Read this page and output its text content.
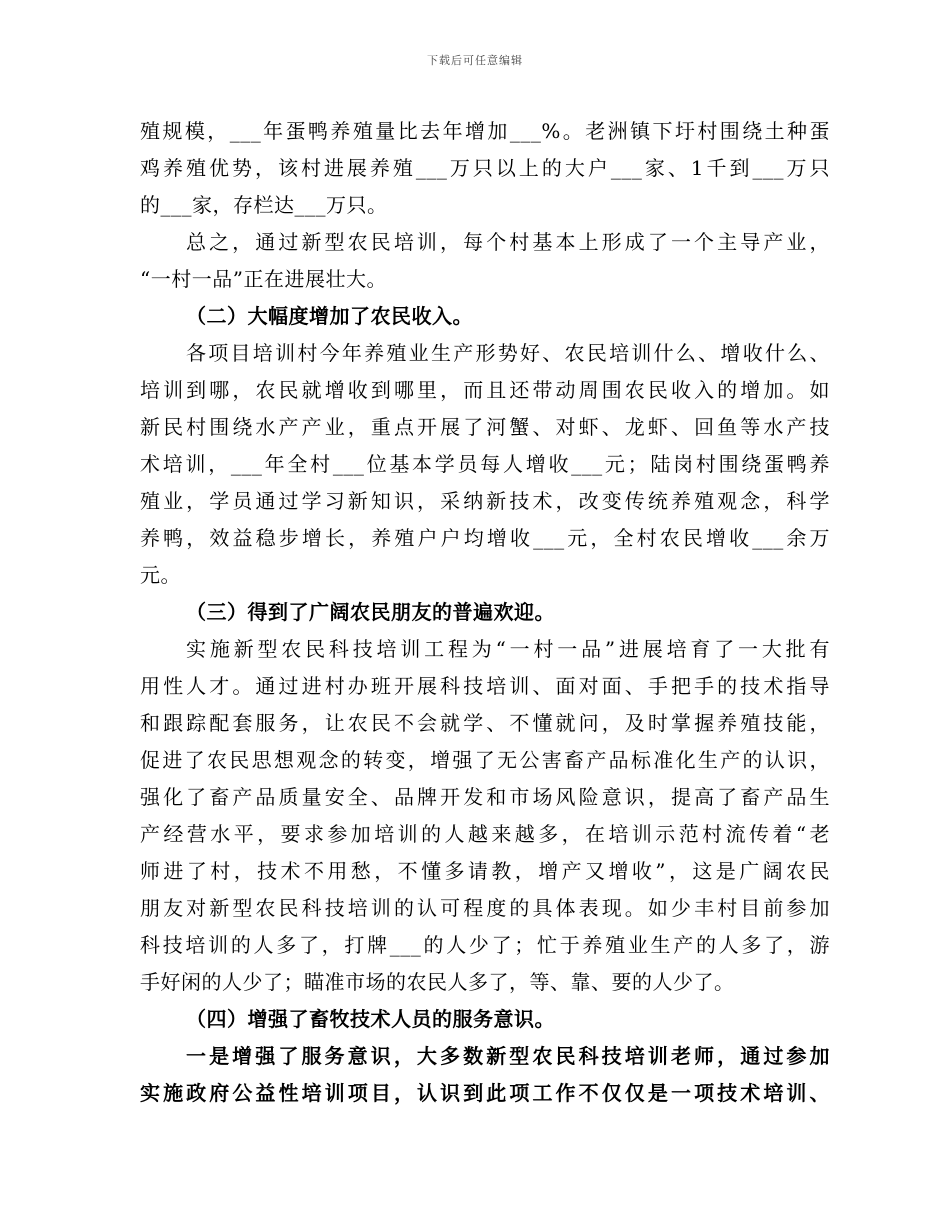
下载后可任意编辑
殖规模，___年蛋鸭养殖量比去年增加___%。老洲镇下圩村围绕土种蛋
鸡养殖优势，该村进展养殖___万只以上的大户___家、1千到___万只
的___家，存栏达___万只。
总之，通过新型农民培训，每个村基本上形成了一个主导产业，
“一村一品”正在进展壮大。
（二）大幅度增加了农民收入。
各项目培训村今年养殖业生产形势好、农民培训什么、增收什么、
培训到哪，农民就增收到哪里，而且还带动周围农民收入的增加。如
新民村围绕水产产业，重点开展了河蟹、对虾、龙虾、回鱼等水产技
术培训，___年全村___位基本学员每人增收___元；陆岗村围绕蛋鸭养
殖业，学员通过学习新知识，采纳新技术，改变传统养殖观念，科学
养鸭，效益稳步增长，养殖户户均增收___元，全村农民增收___余万
元。
（三）得到了广阔农民朋友的普遍欢迎。
实施新型农民科技培训工程为“一村一品”进展培育了一大批有
用性人才。通过进村办班开展科技培训、面对面、手把手的技术指导
和跟踪配套服务，让农民不会就学、不懂就问，及时掌握养殖技能，
促进了农民思想观念的转变，增强了无公害畜产品标准化生产的认识，
强化了畜产品质量安全、品牌开发和市场风险意识，提高了畜产品生
产经营水平，要求参加培训的人越来越多，在培训示范村流传着“老
师进了村，技术不用愁，不懂多请教，增产又增收”，这是广阔农民
朋友对新型农民科技培训的认可程度的具体表现。如少丰村目前参加
科技培训的人多了，打牌___的人少了；忙于养殖业生产的人多了，游
手好闲的人少了；瞄准市场的农民人多了，等、靠、要的人少了。
（四）增强了畜牧技术人员的服务意识。
一是增强了服务意识，大多数新型农民科技培训老师，通过参加
实施政府公益性培训项目，认识到此项工作不仅仅是一项技术培训、
